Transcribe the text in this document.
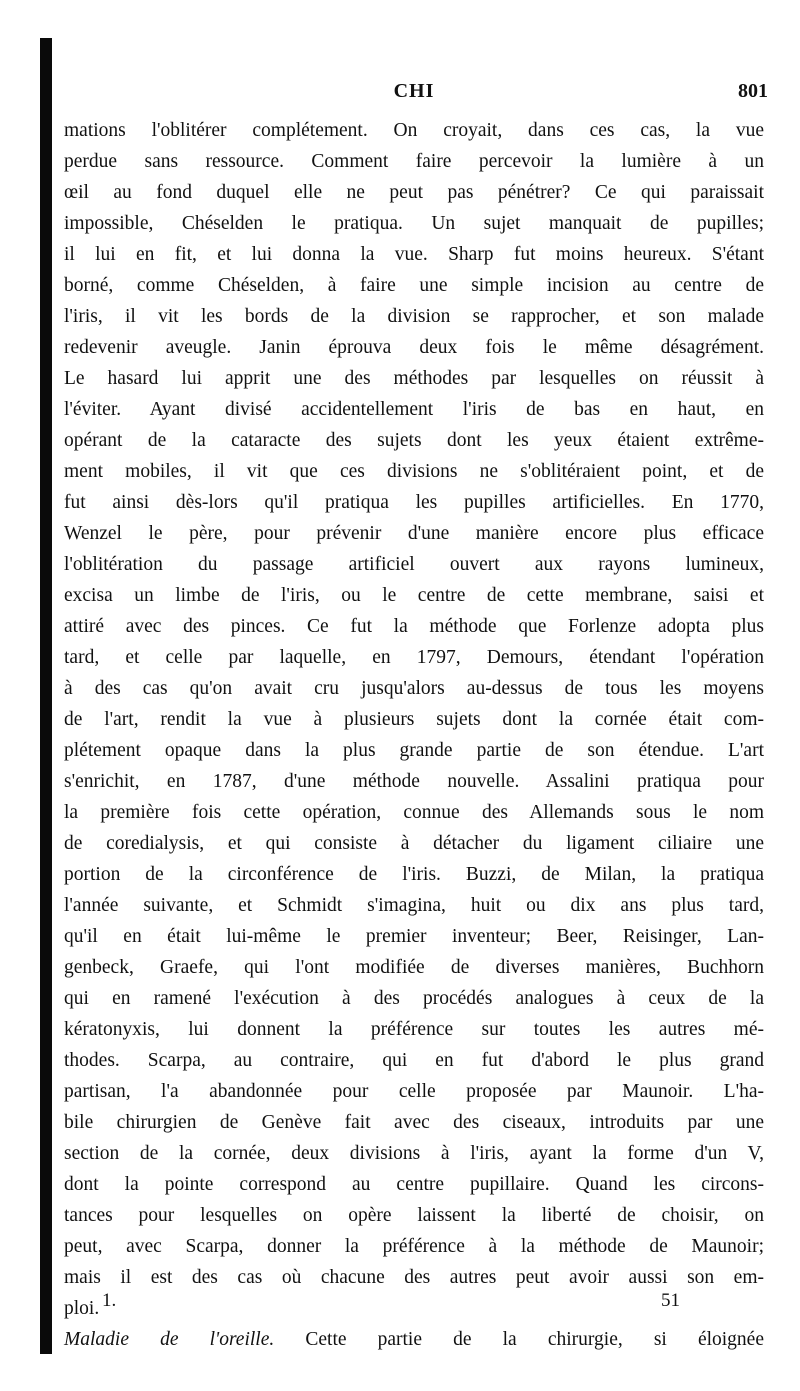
CHI	801
mations l'oblitérer complétement. On croyait, dans ces cas, la vue
perdue sans ressource. Comment faire percevoir la lumière à un
œil au fond duquel elle ne peut pas pénétrer? Ce qui paraissait
impossible, Chéselden le pratiqua. Un sujet manquait de pupilles;
il lui en fit, et lui donna la vue. Sharp fut moins heureux. S'étant
borné, comme Chéselden, à faire une simple incision au centre de
l'iris, il vit les bords de la division se rapprocher, et son malade
redevenir aveugle. Janin éprouva deux fois le même désagrément.
Le hasard lui apprit une des méthodes par lesquelles on réussit à
l'éviter. Ayant divisé accidentellement l'iris de bas en haut, en
opérant de la cataracte des sujets dont les yeux étaient extrême-
ment mobiles, il vit que ces divisions ne s'oblitéraient point, et de
fut ainsi dès-lors qu'il pratiqua les pupilles artificielles. En 1770,
Wenzel le père, pour prévenir d'une manière encore plus efficace
l'oblitération du passage artificiel ouvert aux rayons lumineux,
excisa un limbe de l'iris, ou le centre de cette membrane, saisi et
attiré avec des pinces. Ce fut la méthode que Forlenze adopta plus
tard, et celle par laquelle, en 1797, Demours, étendant l'opération
à des cas qu'on avait cru jusqu'alors au-dessus de tous les moyens
de l'art, rendit la vue à plusieurs sujets dont la cornée était com-
plétement opaque dans la plus grande partie de son étendue. L'art
s'enrichit, en 1787, d'une méthode nouvelle. Assalini pratiqua pour
la première fois cette opération, connue des Allemands sous le nom
de coredialysis, et qui consiste à détacher du ligament ciliaire une
portion de la circonférence de l'iris. Buzzi, de Milan, la pratiqua
l'année suivante, et Schmidt s'imagina, huit ou dix ans plus tard,
qu'il en était lui-même le premier inventeur; Beer, Reisinger, Lan-
genbeck, Graefe, qui l'ont modifiée de diverses manières, Buchhorn
qui en ramené l'exécution à des procédés analogues à ceux de la
kératonyxis, lui donnent la préférence sur toutes les autres mé-
thodes. Scarpa, au contraire, qui en fut d'abord le plus grand
partisan, l'a abandonnée pour celle proposée par Maunoir. L'ha-
bile chirurgien de Genève fait avec des ciseaux, introduits par une
section de la cornée, deux divisions à l'iris, ayant la forme d'un V,
dont la pointe correspond au centre pupillaire. Quand les circons-
tances pour lesquelles on opère laissent la liberté de choisir, on
peut, avec Scarpa, donner la préférence à la méthode de Maunoir;
mais il est des cas où chacune des autres peut avoir aussi son em-
ploi.
Maladie de l'oreille. Cette partie de la chirurgie, si éloignée
1.	51
